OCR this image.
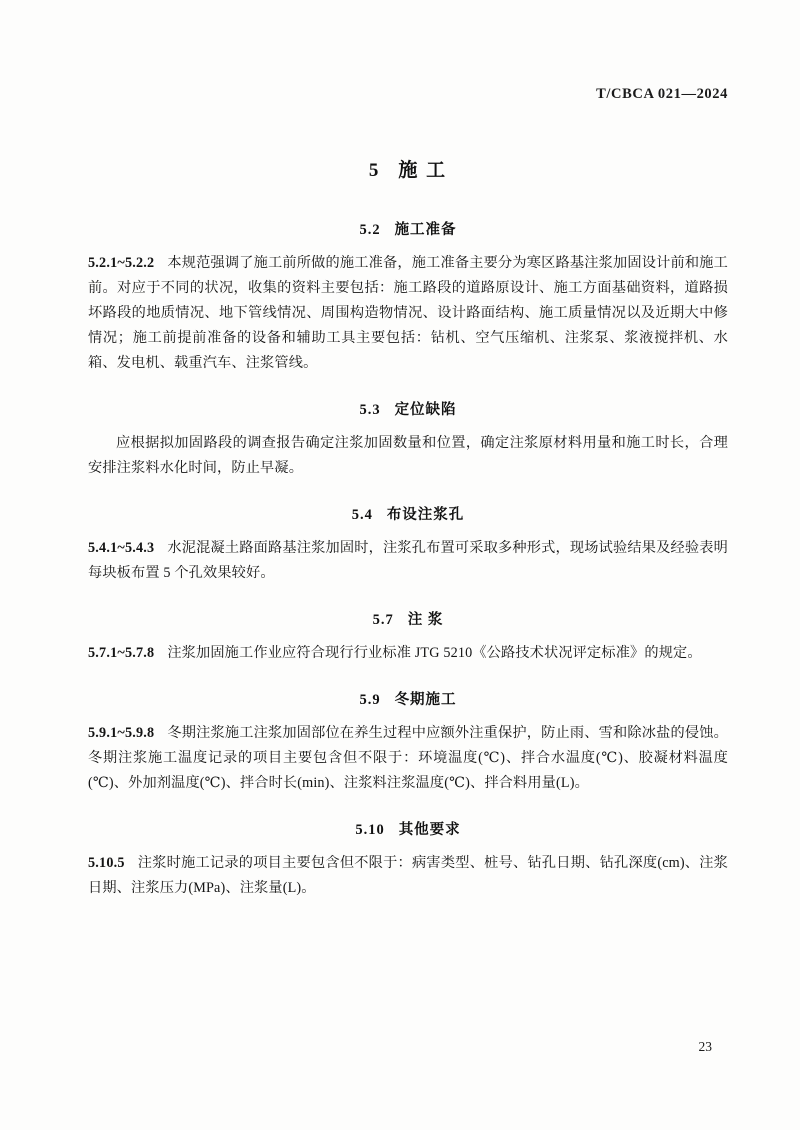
T/CBCA 021—2024
5 施 工
5.2 施工准备

5.2.1~5.2.2 本规范强调了施工前所做的施工准备，施工准备主要分为寒区路基注浆加固设计前和施工前。对应于不同的状况，收集的资料主要包括：施工路段的道路原设计、施工方面基础资料，道路损坏路段的地质情况、地下管线情况、周围构造物情况、设计路面结构、施工质量情况以及近期大中修情况；施工前提前准备的设备和辅助工具主要包括：钻机、空气压缩机、注浆泵、浆液搅拌机、水箱、发电机、载重汽车、注浆管线。

5.3 定位缺陷

应根据拟加固路段的调查报告确定注浆加固数量和位置，确定注浆原材料用量和施工时长，合理安排注浆料水化时间，防止早凝。

5.4 布设注浆孔

5.4.1~5.4.3 水泥混凝土路面路基注浆加固时，注浆孔布置可采取多种形式，现场试验结果及经验表明每块板布置 5 个孔效果较好。

5.7 注 浆

5.7.1~5.7.8 注浆加固施工作业应符合现行行业标准 JTG 5210《公路技术状况评定标准》的规定。

5.9 冬期施工

5.9.1~5.9.8 冬期注浆施工注浆加固部位在养生过程中应额外注重保护，防止雨、雪和除冰盐的侵蚀。冬期注浆施工温度记录的项目主要包含但不限于：环境温度(℃)、拌合水温度(℃)、胶凝材料温度(℃)、外加剂温度(℃)、拌合时长(min)、注浆料注浆温度(℃)、拌合料用量(L)。

5.10 其他要求

5.10.5 注浆时施工记录的项目主要包含但不限于：病害类型、桩号、钻孔日期、钻孔深度(cm)、注浆日期、注浆压力(MPa)、注浆量(L)。

23
